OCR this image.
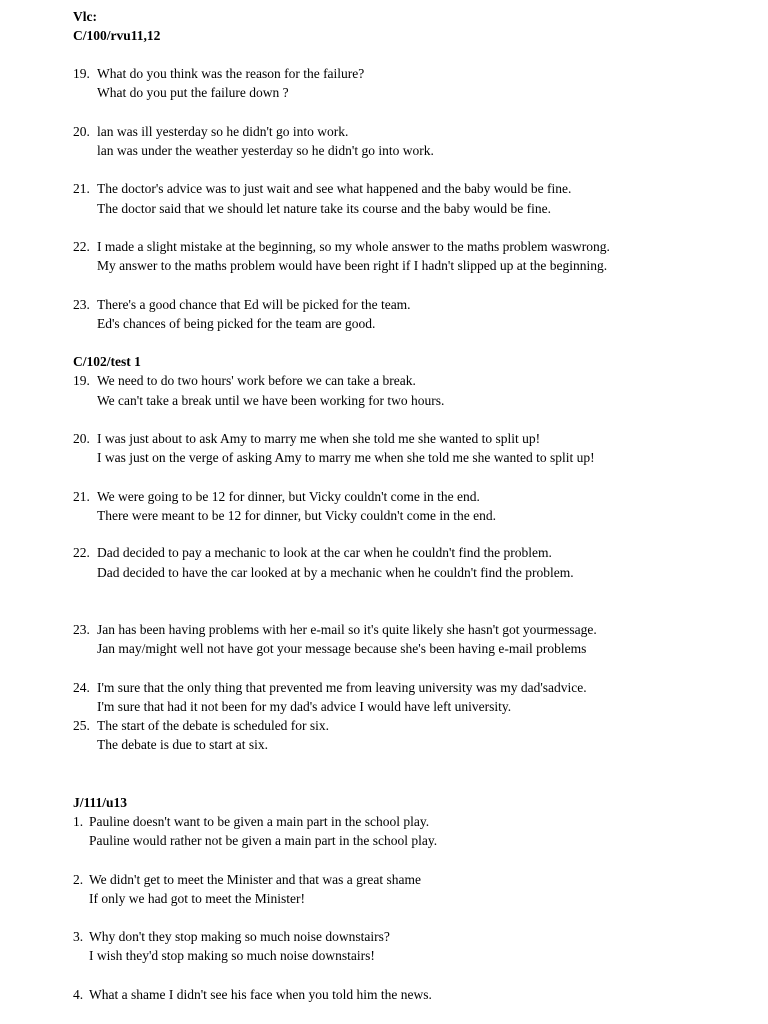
Vlc:
C/100/rvu11,12
19. What do you think was the reason for the failure?
What do you put the failure down ?
20. lan was ill yesterday so he didn't go into work.
lan was under the weather yesterday so he didn't go into work.
21. The doctor's advice was to just wait and see what happened and the baby would be fine.
The doctor said that we should let nature take its course and the baby would be fine.
22. I made a slight mistake at the beginning, so my whole answer to the maths problem waswrong.
My answer to the maths problem would have been right if I hadn't slipped up at the beginning.
23. There's a good chance that Ed will be picked for the team.
Ed's chances of being picked for the team are good.
C/102/test 1
19. We need to do two hours' work before we can take a break.
We can't take a break until we have been working for two hours.
20. I was just about to ask Amy to marry me when she told me she wanted to split up!
I was just on the verge of asking Amy to marry me when she told me she wanted to split up!
21. We were going to be 12 for dinner, but Vicky couldn't come in the end.
There were meant to be 12 for dinner, but Vicky couldn't come in the end.
22. Dad decided to pay a mechanic to look at the car when he couldn't find the problem.
Dad decided to have the car looked at by a mechanic when he couldn't find the problem.
23. Jan has been having problems with her e-mail so it's quite likely she hasn't got yourmessage.
Jan may/might well not have got your message because she's been having e-mail problems
24. I'm sure that the only thing that prevented me from leaving university was my dad'sadvice.
I'm sure that had it not been for my dad's advice I would have left university.
25. The start of the debate is scheduled for six.
The debate is due to start at six.
J/111/u13
1. Pauline doesn't want to be given a main part in the school play.
Pauline would rather not be given a main part in the school play.
2. We didn't get to meet the Minister and that was a great shame
If only we had got to meet the Minister!
3. Why don't they stop making so much noise downstairs?
I wish they'd stop making so much noise downstairs!
4. What a shame I didn't see his face when you told him the news.
